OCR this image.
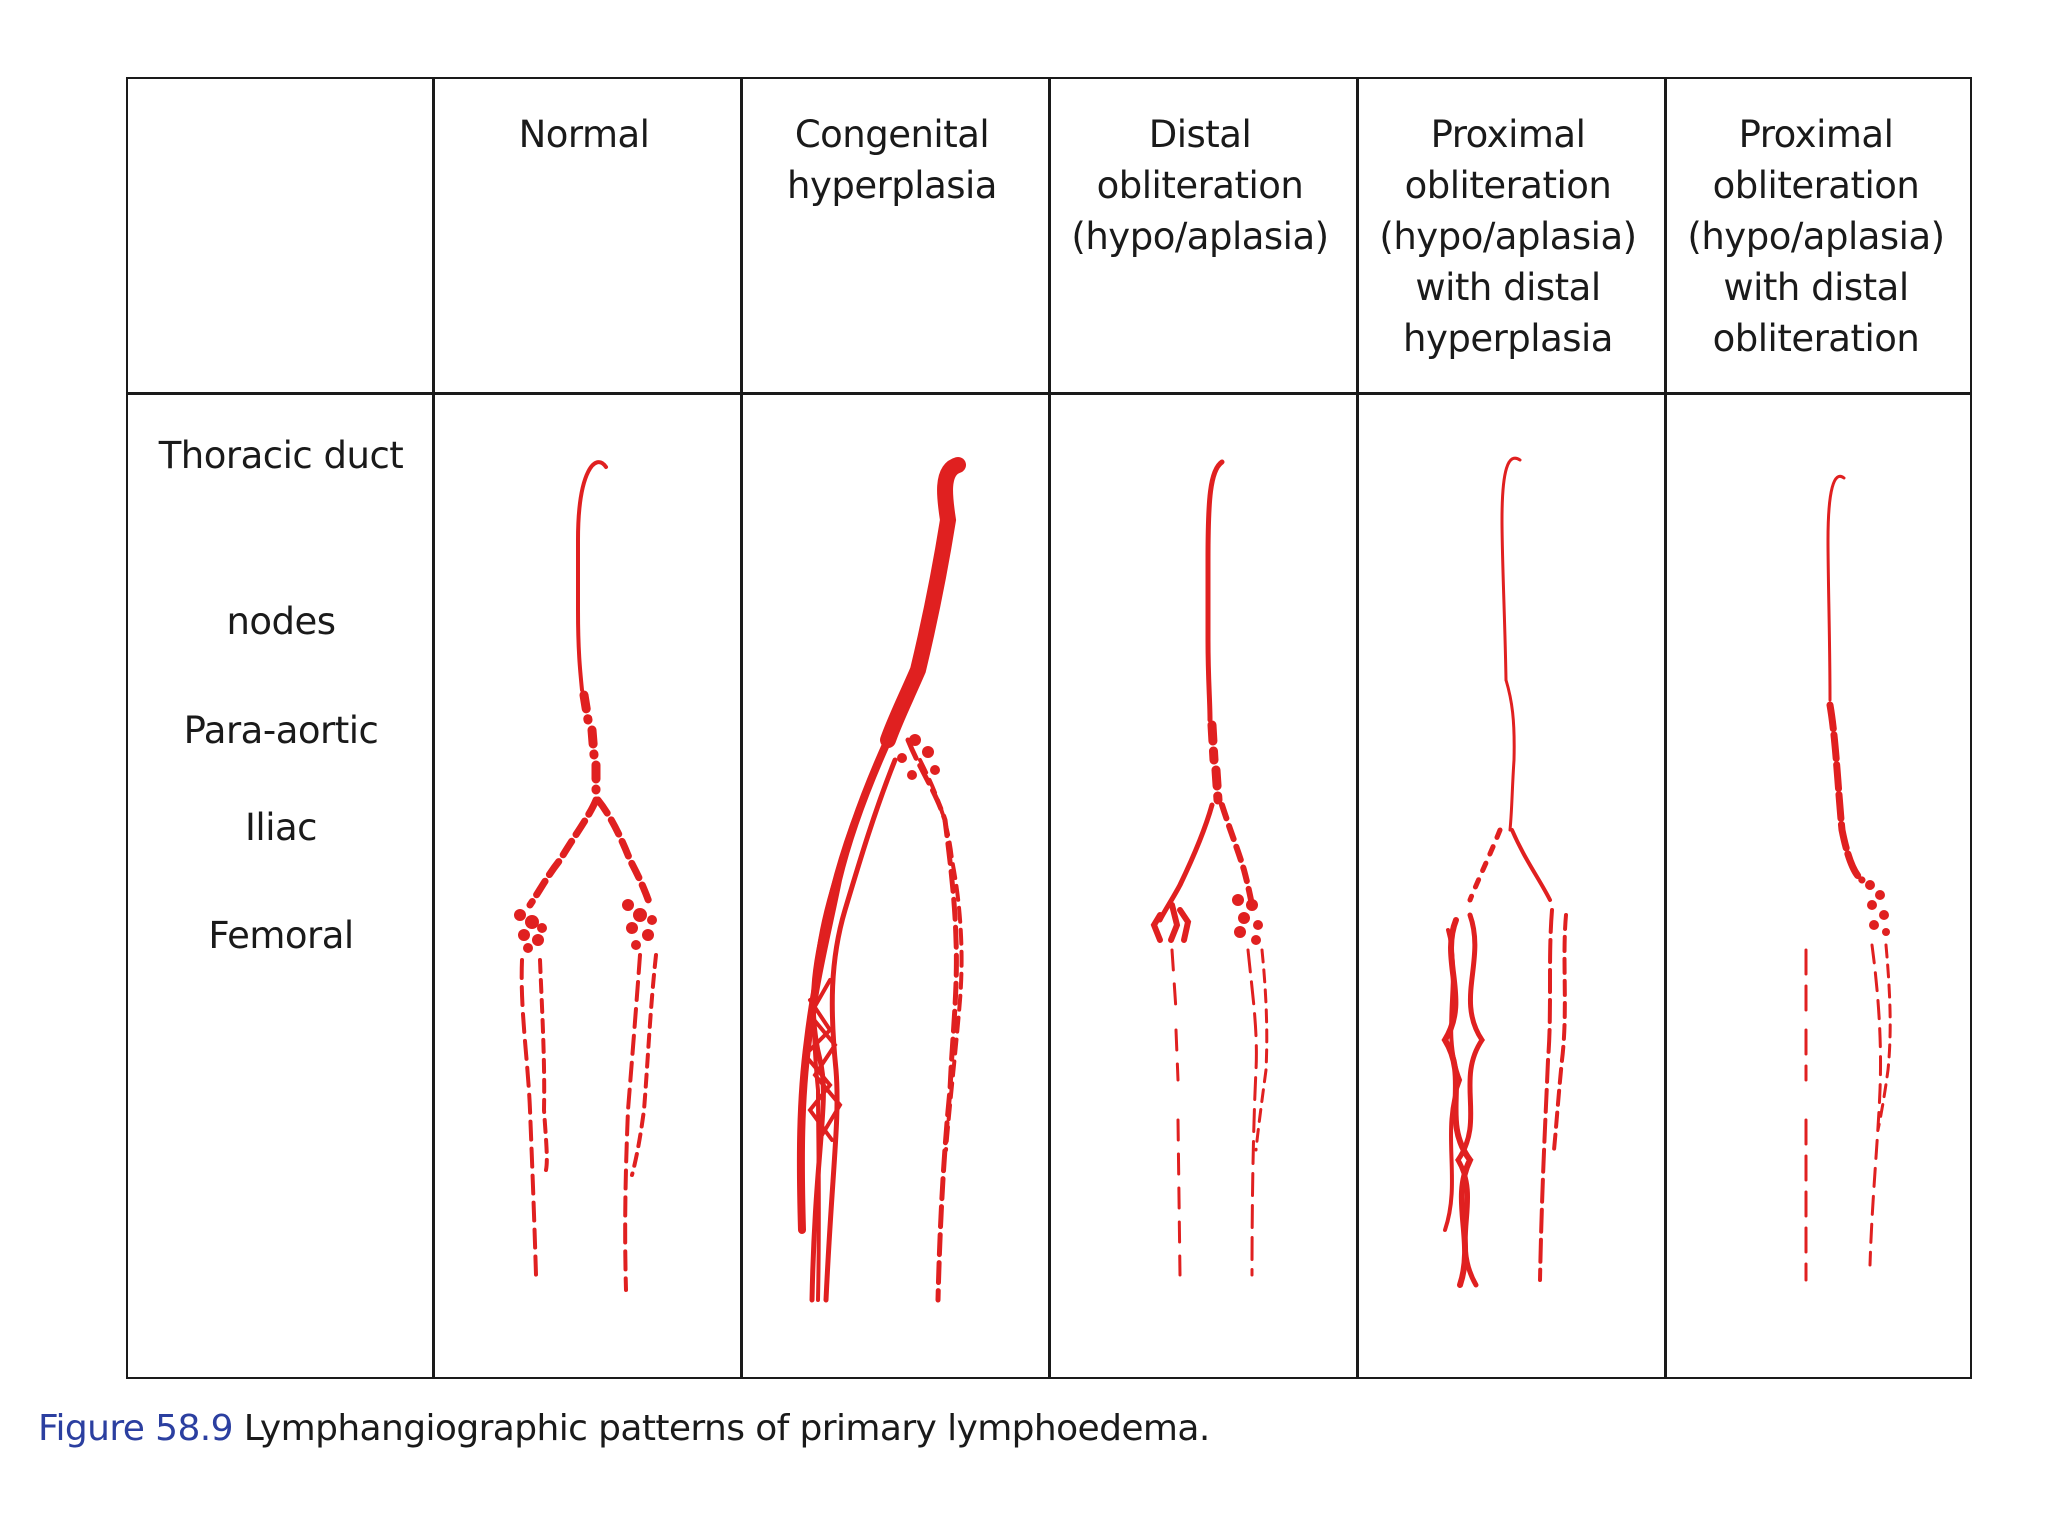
Normal	Congenital
hyperplasia
Distal obliteration
(hypo/aplasia)
Proximal
obliteration
(hypo/aplasia)
with distal
hyperplasia
Proximal
obliteration
(hypo/aplasia)
with distal
obliteration
Thoracic duct
nodes
Para-aortic
Iliac
Femoral
Figure 58.9 Lymphangiographic patterns of primary lymphoedema.
